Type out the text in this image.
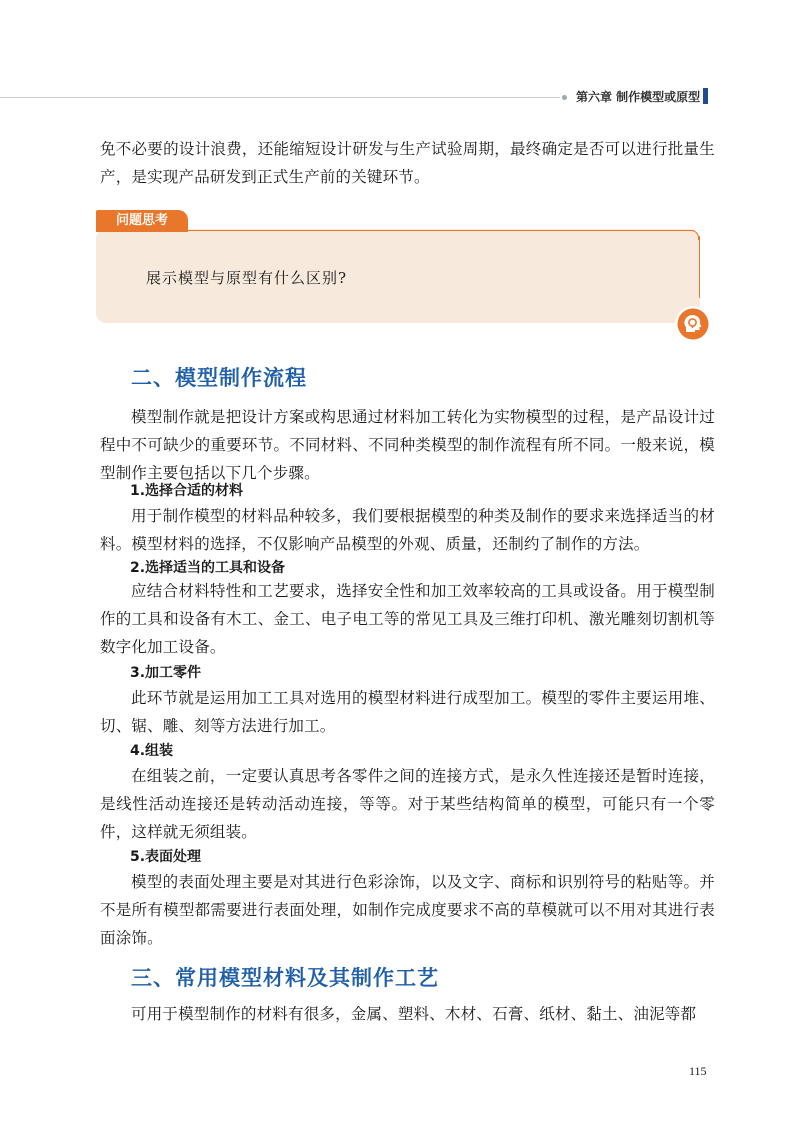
第六章 制作模型或原型

免不必要的设计浪费，还能缩短设计研发与生产试验周期，最终确定是否可以进行批量生产，是实现产品研发到正式生产前的关键环节。

问题思考
展示模型与原型有什么区别?
二、模型制作流程

模型制作就是把设计方案或构思通过材料加工转化为实物模型的过程，是产品设计过程中不可缺少的重要环节。不同材料、不同种类模型的制作流程有所不同。一般来说，模型制作主要包括以下几个步骤。

1.选择合适的材料

用于制作模型的材料品种较多，我们要根据模型的种类及制作的要求来选择适当的材料。模型材料的选择，不仅影响产品模型的外观、质量，还制约了制作的方法。

2.选择适当的工具和设备

应结合材料特性和工艺要求，选择安全性和加工效率较高的工具或设备。用于模型制作的工具和设备有木工、金工、电子电工等的常见工具及三维打印机、激光雕刻切割机等数字化加工设备。

3.加工零件

此环节就是运用加工工具对选用的模型材料进行成型加工。模型的零件主要运用堆、切、锯、雕、刻等方法进行加工。

4.组装

在组装之前，一定要认真思考各零件之间的连接方式，是永久性连接还是暂时连接，是线性活动连接还是转动活动连接，等等。对于某些结构简单的模型，可能只有一个零件，这样就无须组装。

5.表面处理

模型的表面处理主要是对其进行色彩涂饰，以及文字、商标和识别符号的粘贴等。并不是所有模型都需要进行表面处理，如制作完成度要求不高的草模就可以不用对其进行表面涂饰。

三、常用模型材料及其制作工艺

可用于模型制作的材料有很多，金属、塑料、木材、石膏、纸材、黏土、油泥等都

115
